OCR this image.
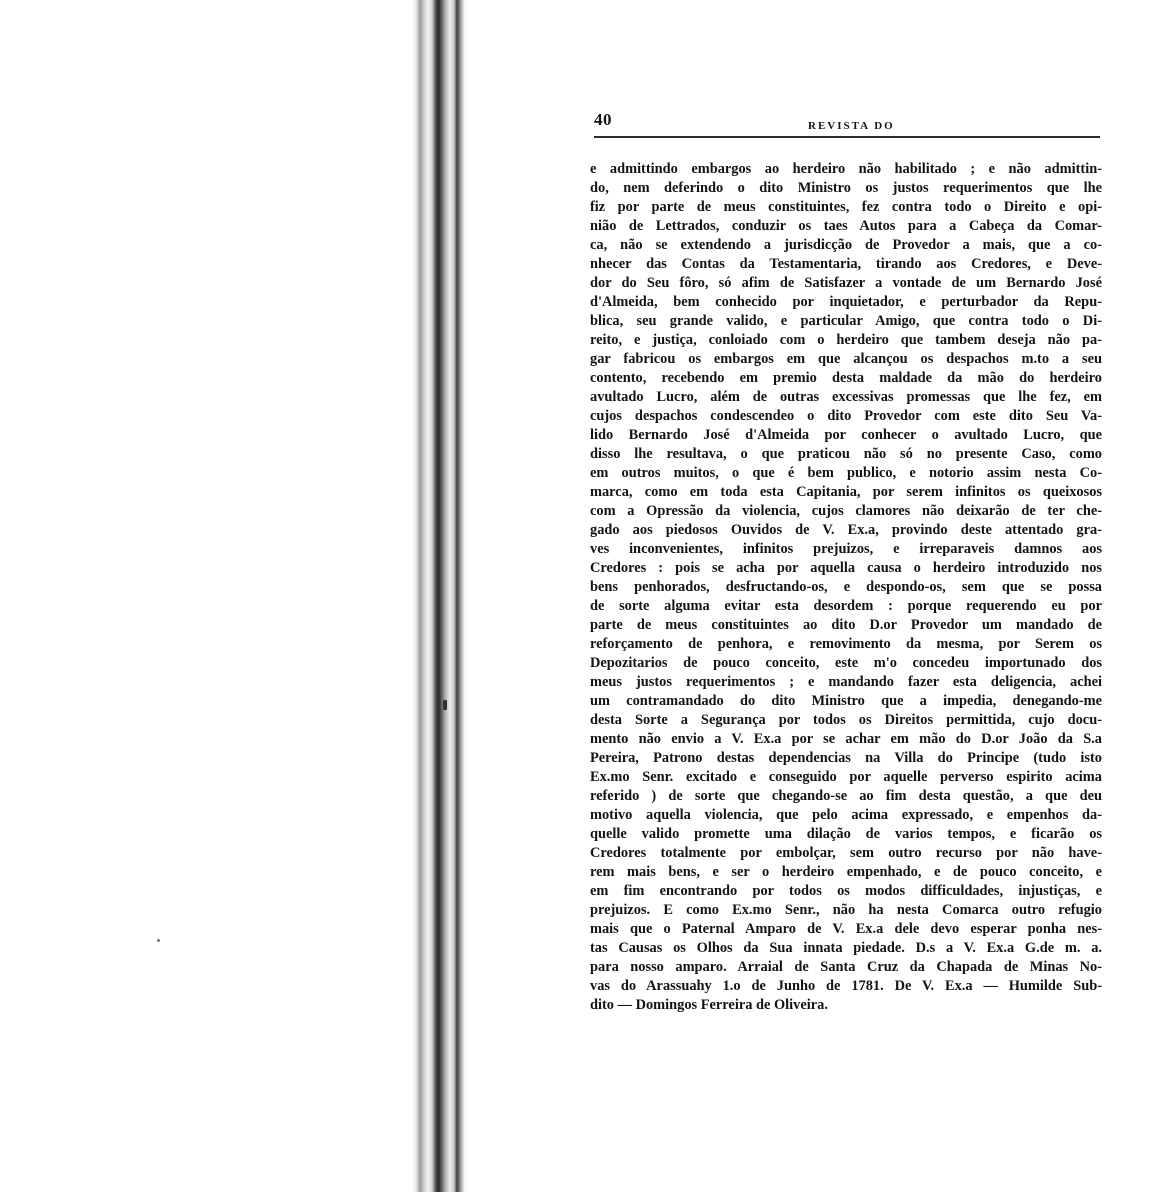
40	REVISTA DO
e admittindo embargos ao herdeiro não habilitado ; e não admittin-
do, nem deferindo o dito Ministro os justos requerimentos que lhe
fiz por parte de meus constituintes, fez contra todo o Direito e opi-
nião de Lettrados, conduzir os taes Autos para a Cabeça da Comar-
ca, não se extendendo a jurisdicção de Provedor a mais, que a co-
nhecer das Contas da Testamentaria, tirando aos Credores, e Deve-
dor do Seu fôro, só afim de Satisfazer a vontade de um Bernardo José
d'Almeida, bem conhecido por inquietador, e perturbador da Repu-
blica, seu grande valido, e particular Amigo, que contra todo o Di-
reito, e justiça, conloiado com o herdeiro que tambem deseja não pa-
gar fabricou os embargos em que alcançou os despachos m.to a seu
contento, recebendo em premio desta maldade da mão do herdeiro
avultado Lucro, além de outras excessivas promessas que lhe fez, em
cujos despachos condescendeo o dito Provedor com este dito Seu Va-
lido Bernardo José d'Almeida por conhecer o avultado Lucro, que
disso lhe resultava, o que praticou não só no presente Caso, como
em outros muitos, o que é bem publico, e notorio assim nesta Co-
marca, como em toda esta Capitania, por serem infinitos os queixosos
com a Opressão da violencia, cujos clamores não deixarão de ter che-
gado aos piedosos Ouvidos de V. Ex.a, provindo deste attentado gra-
ves inconvenientes, infinitos prejuizos, e irreparaveis damnos aos
Credores : pois se acha por aquella causa o herdeiro introduzido nos
bens penhorados, desfructando-os, e despondo-os, sem que se possa
de sorte alguma evitar esta desordem : porque requerendo eu por
parte de meus constituintes ao dito D.or Provedor um mandado de
reforçamento de penhora, e removimento da mesma, por Serem os
Depozitarios de pouco conceito, este m'o concedeu importunado dos
meus justos requerimentos ; e mandando fazer esta deligencia, achei
um contramandado do dito Ministro que a impedia, denegando-me
desta Sorte a Segurança por todos os Direitos permittida, cujo docu-
mento não envio a V. Ex.a por se achar em mão do D.or João da S.a
Pereira, Patrono destas dependencias na Villa do Principe (tudo isto
Ex.mo Senr. excitado e conseguido por aquelle perverso espirito acima
referido ) de sorte que chegando-se ao fim desta questão, a que deu
motivo aquella violencia, que pelo acima expressado, e empenhos da-
quelle valido promette uma dilação de varios tempos, e ficarão os
Credores totalmente por embolçar, sem outro recurso por não have-
rem mais bens, e ser o herdeiro empenhado, e de pouco conceito, e
em fim encontrando por todos os modos difficuldades, injustiças, e
prejuizos. E como Ex.mo Senr., não ha nesta Comarca outro refugio
mais que o Paternal Amparo de V. Ex.a dele devo esperar ponha nes-
tas Causas os Olhos da Sua innata piedade. D.s a V. Ex.a G.de m. a.
para nosso amparo. Arraial de Santa Cruz da Chapada de Minas No-
vas do Arassuahy 1.o de Junho de 1781. De V. Ex.a — Humilde Sub-
dito — Domingos Ferreira de Oliveira.
